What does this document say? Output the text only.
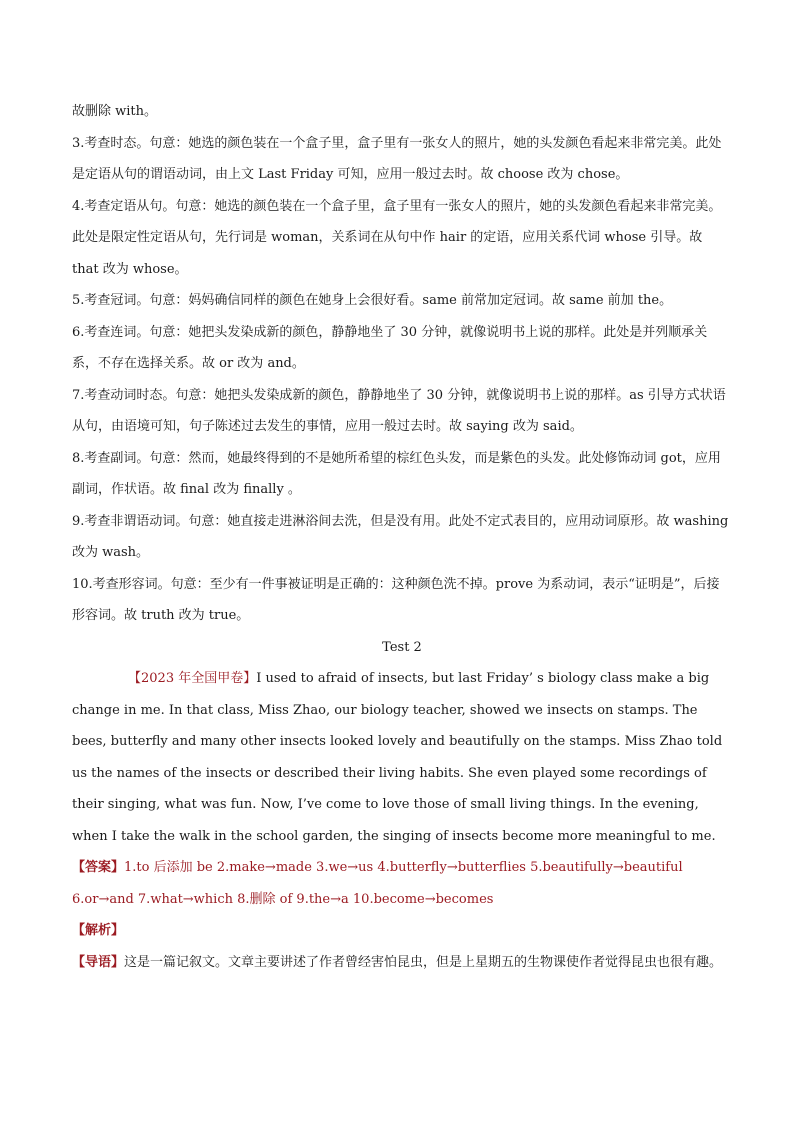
故删除 with。

3.考查时态。句意：她选的颜色装在一个盒子里，盒子里有一张女人的照片，她的头发颜色看起来非常完美。此处是定语从句的谓语动词，由上文 Last Friday 可知，应用一般过去时。故 choose 改为 chose。

4.考查定语从句。句意：她选的颜色装在一个盒子里，盒子里有一张女人的照片，她的头发颜色看起来非常完美。此处是限定性定语从句，先行词是 woman，关系词在从句中作 hair 的定语，应用关系代词 whose 引导。故 that 改为 whose。

5.考查冠词。句意：妈妈确信同样的颜色在她身上会很好看。same 前常加定冠词。故 same 前加 the。

6.考查连词。句意：她把头发染成新的颜色，静静地坐了 30 分钟，就像说明书上说的那样。此处是并列顺承关系，不存在选择关系。故 or 改为 and。

7.考查动词时态。句意：她把头发染成新的颜色，静静地坐了 30 分钟，就像说明书上说的那样。as 引导方式状语从句，由语境可知，句子陈述过去发生的事情，应用一般过去时。故 saying 改为 said。

8.考查副词。句意：然而，她最终得到的不是她所希望的棕红色头发，而是紫色的头发。此处修饰动词 got，应用副词，作状语。故 final 改为 finally 。

9.考查非谓语动词。句意：她直接走进淋浴间去洗，但是没有用。此处不定式表目的，应用动词原形。故 washing 改为 wash。

10.考查形容词。句意：至少有一件事被证明是正确的：这种颜色洗不掉。prove 为系动词，表示“证明是”，后接形容词。故 truth 改为 true。

Test 2

【2023 年全国甲卷】I used to afraid of insects, but last Friday’ s biology class make a big change in me. In that class, Miss Zhao, our biology teacher, showed we insects on stamps. The bees, butterfly and many other insects looked lovely and beautifully on the stamps. Miss Zhao told us the names of the insects or described their living habits. She even played some recordings of their singing, what was fun. Now, I’ve come to love those of small living things. In the evening, when I take the walk in the school garden, the singing of insects become more meaningful to me.

【答案】1.to 后添加 be 2.make→made 3.we→us 4.butterfly→butterflies 5.beautifully→beautiful

6.or→and 7.what→which 8.删除 of 9.the→a 10.become→becomes

【解析】

【导语】这是一篇记叙文。文章主要讲述了作者曾经害怕昆虫，但是上星期五的生物课使作者觉得昆虫也很有趣。
